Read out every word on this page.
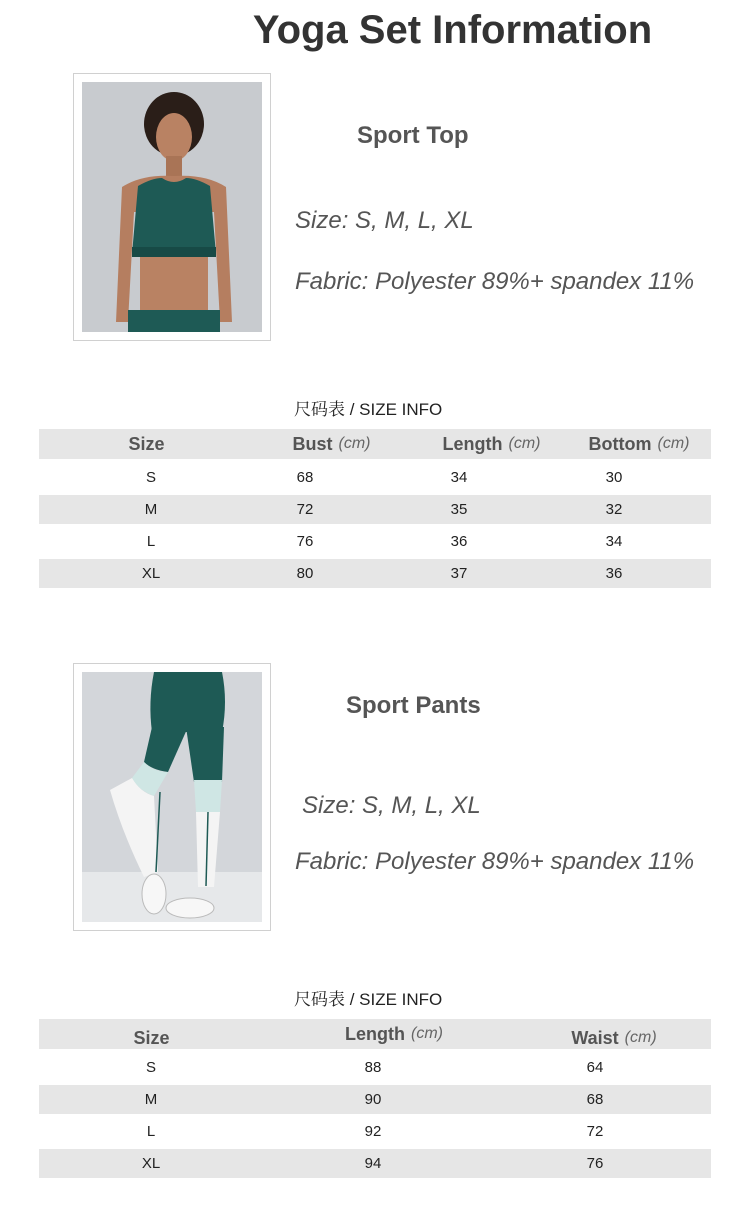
Yoga Set Information
Sport Top
Size: S, M, L, XL
Fabric: Polyester 89%+ spandex 11%
尺码表 / SIZE INFO
Size	Bust (cm)	Length (cm)	Bottom (cm)
S	68	34	30
M	72	35	32
L	76	36	34
XL	80	37	36
Sport Pants
Size: S, M, L, XL
Fabric: Polyester 89%+ spandex 11%
尺码表 / SIZE INFO
Size	Length (cm)	Waist (cm)
S	88	64
M	90	68
L	92	72
XL	94	76
